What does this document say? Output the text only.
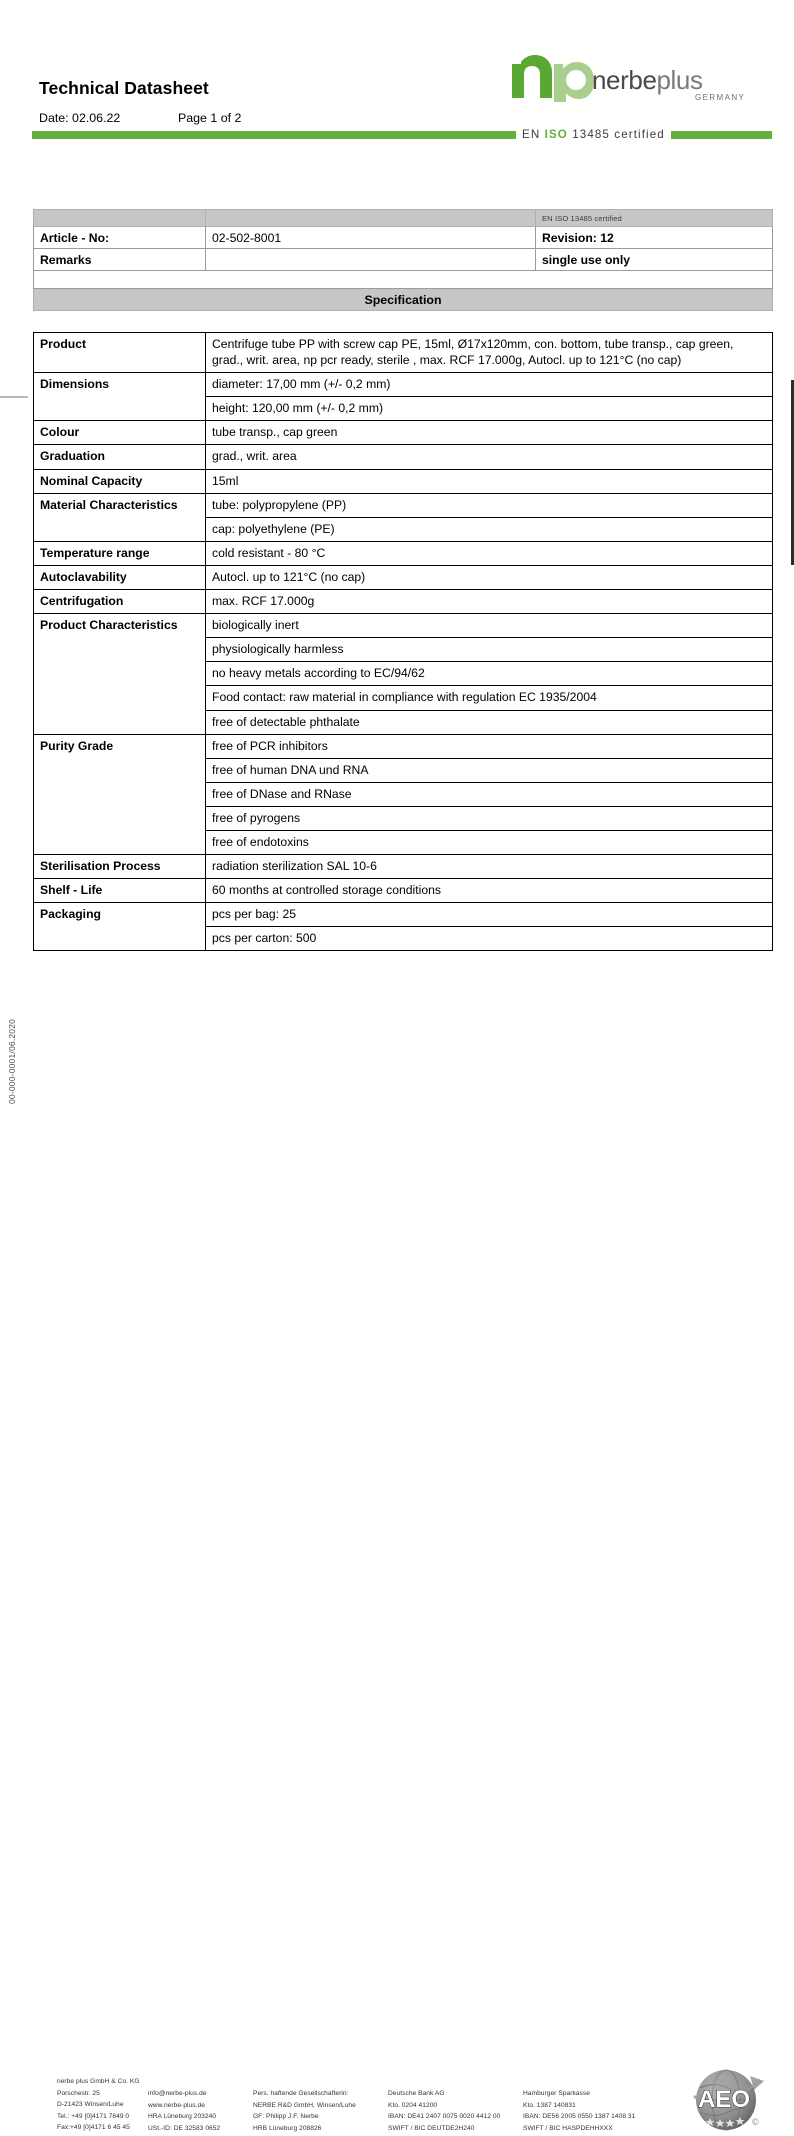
00-000-0001/06.2020
Technical Datasheet
Date: 02.06.22	Page 1 of 2
nerbeplus
GERMANY
EN ISO 13485 certified
		EN ISO 13485 certified
Article - No:	02-502-8001	Revision: 12
Remarks		single use only

Specification		
Product	Centrifuge tube PP with screw cap PE, 15ml, Ø17x120mm, con. bottom, tube transp., cap green, grad., writ. area, np pcr ready, sterile , max. RCF 17.000g, Autocl. up to 121°C (no cap)
Dimensions	diameter: 17,00 mm (+/- 0,2 mm)
	height: 120,00 mm (+/- 0,2 mm)
Colour	tube transp., cap green
Graduation	grad., writ. area
Nominal Capacity	15ml
Material Characteristics	tube: polypropylene (PP)
	cap: polyethylene (PE)
Temperature range	cold resistant - 80 °C
Autoclavability	Autocl. up to 121°C (no cap)
Centrifugation	max. RCF 17.000g
Product Characteristics	biologically inert
	physiologically harmless
	no heavy metals according to EC/94/62
	Food contact: raw material in compliance with regulation EC 1935/2004
	free of detectable phthalate
Purity Grade	free of PCR inhibitors
	free of human DNA und RNA
	free of DNase and RNase
	free of pyrogens
	free of endotoxins
Sterilisation Process	radiation sterilization SAL 10-6
Shelf - Life	60 months at controlled storage conditions
Packaging	pcs per bag: 25
	pcs per carton: 500
nerbe plus GmbH & Co. KG
Porschestr. 25
D-21423 Winsen/Luhe
Tel.: +49 [0]4171 7849 0
Fax:+49 [0]4171 6 45 45
info@nerbe-plus.de
www.nerbe-plus.de
HRA Lüneburg 203240
USt.-ID: DE 32583 0652
Pers. haftende Gesellschafterin:
NERBE R&D GmbH, Winsen/Luhe
GF: Philipp J.F. Nerbe
HRB Lüneburg 208826
Deutsche Bank AG
Kto. 0204 41200
IBAN: DE41 2407 0075 0020 4412 00
SWIFT / BIC DEUTDE2H240
Hamburger Sparkasse
Kto. 1387 140831
IBAN: DE56 2005 0550 1387 1408 31
SWIFT / BIC HASPDEHHXXX
AEO
©
